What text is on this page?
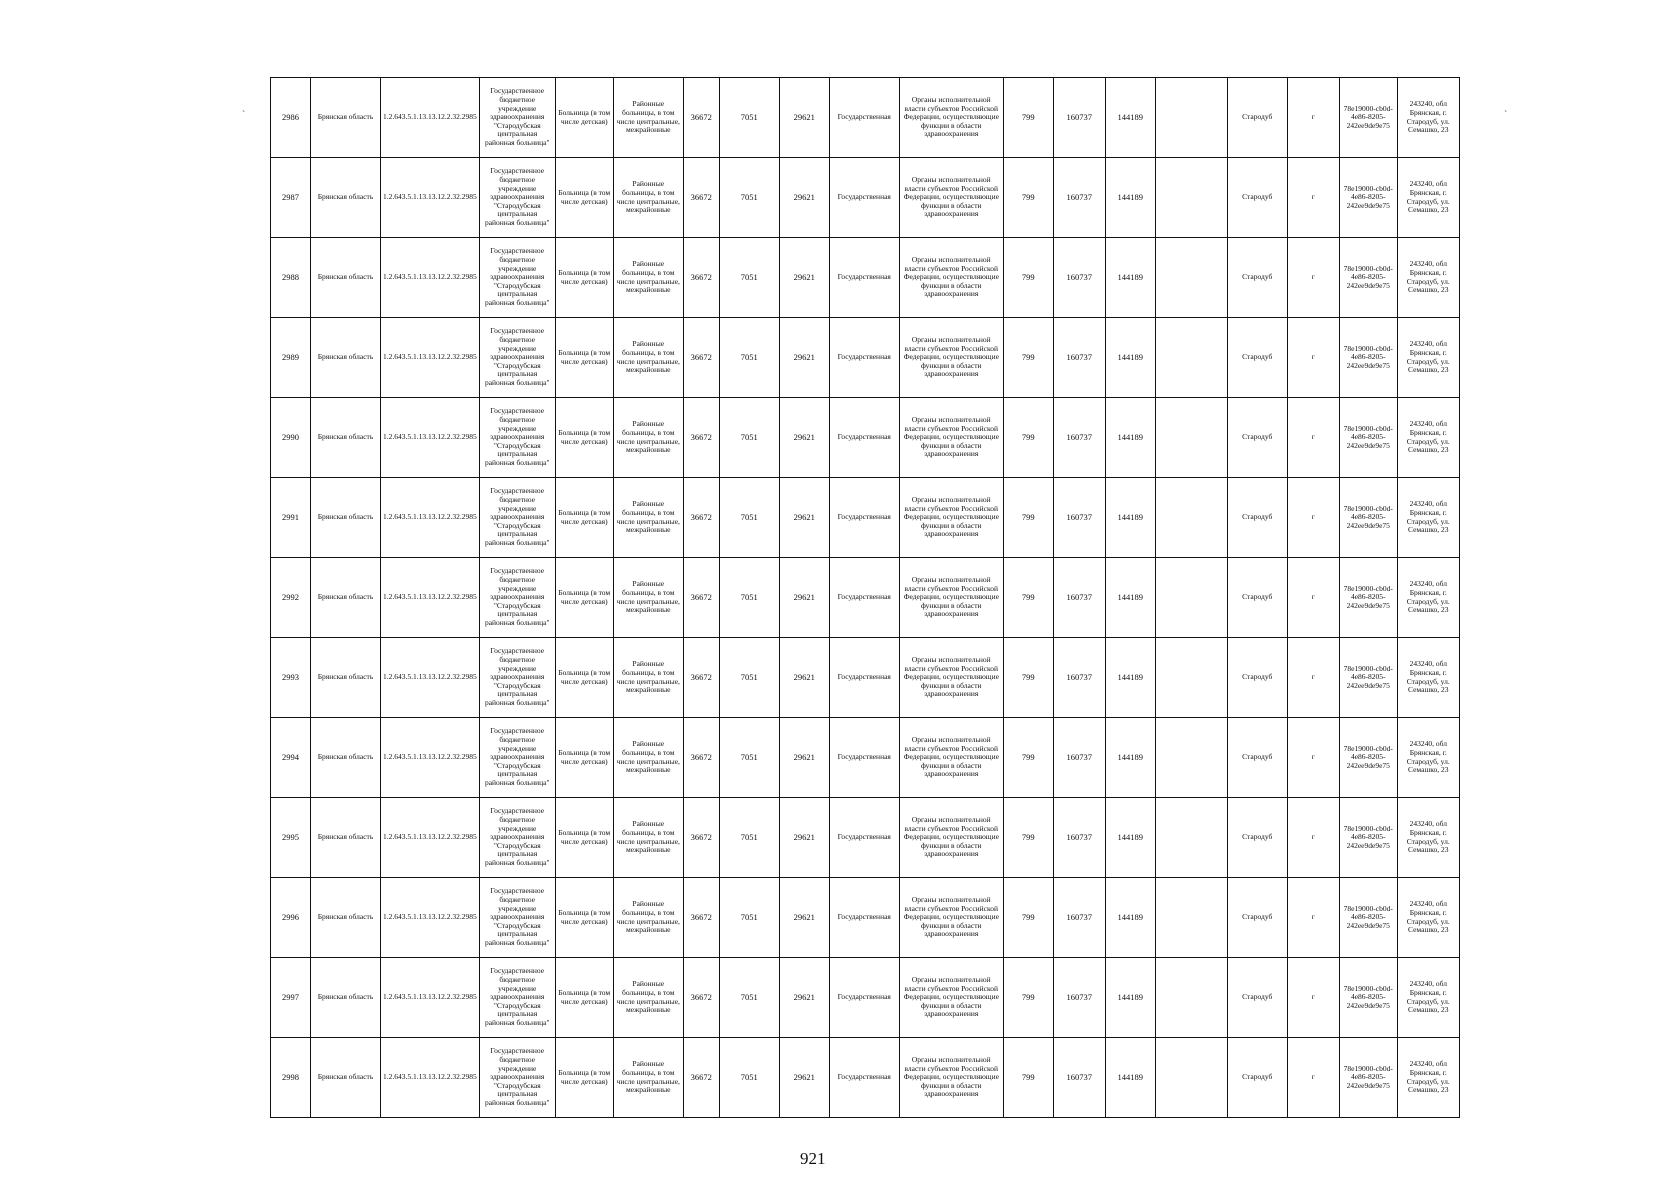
2986	Брянская область	1.2.643.5.1.13.13.12.2.32.2985	Государственное бюджетное учреждение здравоохранения "Стародубская центральная районная больница"	Больница (в том числе детская)	Районные больницы, в том числе центральные, межрайонные	36672	7051	29621	Государственная	Органы исполнительной власти субъектов Российской Федерации, осуществляющие функции в области здравоохранения	799	160737	144189		Стародуб	г	78e19000-cb0d-4e86-8205-242ee9de9e75	243240, обл Брянская, г. Стародуб, ул. Семашко, 23
2987	Брянская область	1.2.643.5.1.13.13.12.2.32.2985	Государственное бюджетное учреждение здравоохранения "Стародубская центральная районная больница"	Больница (в том числе детская)	Районные больницы, в том числе центральные, межрайонные	36672	7051	29621	Государственная	Органы исполнительной власти субъектов Российской Федерации, осуществляющие функции в области здравоохранения	799	160737	144189		Стародуб	г	78e19000-cb0d-4e86-8205-242ee9de9e75	243240, обл Брянская, г. Стародуб, ул. Семашко, 23
2988	Брянская область	1.2.643.5.1.13.13.12.2.32.2985	Государственное бюджетное учреждение здравоохранения "Стародубская центральная районная больница"	Больница (в том числе детская)	Районные больницы, в том числе центральные, межрайонные	36672	7051	29621	Государственная	Органы исполнительной власти субъектов Российской Федерации, осуществляющие функции в области здравоохранения	799	160737	144189		Стародуб	г	78e19000-cb0d-4e86-8205-242ee9de9e75	243240, обл Брянская, г. Стародуб, ул. Семашко, 23
2989	Брянская область	1.2.643.5.1.13.13.12.2.32.2985	Государственное бюджетное учреждение здравоохранения "Стародубская центральная районная больница"	Больница (в том числе детская)	Районные больницы, в том числе центральные, межрайонные	36672	7051	29621	Государственная	Органы исполнительной власти субъектов Российской Федерации, осуществляющие функции в области здравоохранения	799	160737	144189		Стародуб	г	78e19000-cb0d-4e86-8205-242ee9de9e75	243240, обл Брянская, г. Стародуб, ул. Семашко, 23
2990	Брянская область	1.2.643.5.1.13.13.12.2.32.2985	Государственное бюджетное учреждение здравоохранения "Стародубская центральная районная больница"	Больница (в том числе детская)	Районные больницы, в том числе центральные, межрайонные	36672	7051	29621	Государственная	Органы исполнительной власти субъектов Российской Федерации, осуществляющие функции в области здравоохранения	799	160737	144189		Стародуб	г	78e19000-cb0d-4e86-8205-242ee9de9e75	243240, обл Брянская, г. Стародуб, ул. Семашко, 23
2991	Брянская область	1.2.643.5.1.13.13.12.2.32.2985	Государственное бюджетное учреждение здравоохранения "Стародубская центральная районная больница"	Больница (в том числе детская)	Районные больницы, в том числе центральные, межрайонные	36672	7051	29621	Государственная	Органы исполнительной власти субъектов Российской Федерации, осуществляющие функции в области здравоохранения	799	160737	144189		Стародуб	г	78e19000-cb0d-4e86-8205-242ee9de9e75	243240, обл Брянская, г. Стародуб, ул. Семашко, 23
2992	Брянская область	1.2.643.5.1.13.13.12.2.32.2985	Государственное бюджетное учреждение здравоохранения "Стародубская центральная районная больница"	Больница (в том числе детская)	Районные больницы, в том числе центральные, межрайонные	36672	7051	29621	Государственная	Органы исполнительной власти субъектов Российской Федерации, осуществляющие функции в области здравоохранения	799	160737	144189		Стародуб	г	78e19000-cb0d-4e86-8205-242ee9de9e75	243240, обл Брянская, г. Стародуб, ул. Семашко, 23
2993	Брянская область	1.2.643.5.1.13.13.12.2.32.2985	Государственное бюджетное учреждение здравоохранения "Стародубская центральная районная больница"	Больница (в том числе детская)	Районные больницы, в том числе центральные, межрайонные	36672	7051	29621	Государственная	Органы исполнительной власти субъектов Российской Федерации, осуществляющие функции в области здравоохранения	799	160737	144189		Стародуб	г	78e19000-cb0d-4e86-8205-242ee9de9e75	243240, обл Брянская, г. Стародуб, ул. Семашко, 23
2994	Брянская область	1.2.643.5.1.13.13.12.2.32.2985	Государственное бюджетное учреждение здравоохранения "Стародубская центральная районная больница"	Больница (в том числе детская)	Районные больницы, в том числе центральные, межрайонные	36672	7051	29621	Государственная	Органы исполнительной власти субъектов Российской Федерации, осуществляющие функции в области здравоохранения	799	160737	144189		Стародуб	г	78e19000-cb0d-4e86-8205-242ee9de9e75	243240, обл Брянская, г. Стародуб, ул. Семашко, 23
2995	Брянская область	1.2.643.5.1.13.13.12.2.32.2985	Государственное бюджетное учреждение здравоохранения "Стародубская центральная районная больница"	Больница (в том числе детская)	Районные больницы, в том числе центральные, межрайонные	36672	7051	29621	Государственная	Органы исполнительной власти субъектов Российской Федерации, осуществляющие функции в области здравоохранения	799	160737	144189		Стародуб	г	78e19000-cb0d-4e86-8205-242ee9de9e75	243240, обл Брянская, г. Стародуб, ул. Семашко, 23
2996	Брянская область	1.2.643.5.1.13.13.12.2.32.2985	Государственное бюджетное учреждение здравоохранения "Стародубская центральная районная больница"	Больница (в том числе детская)	Районные больницы, в том числе центральные, межрайонные	36672	7051	29621	Государственная	Органы исполнительной власти субъектов Российской Федерации, осуществляющие функции в области здравоохранения	799	160737	144189		Стародуб	г	78e19000-cb0d-4e86-8205-242ee9de9e75	243240, обл Брянская, г. Стародуб, ул. Семашко, 23
2997	Брянская область	1.2.643.5.1.13.13.12.2.32.2985	Государственное бюджетное учреждение здравоохранения "Стародубская центральная районная больница"	Больница (в том числе детская)	Районные больницы, в том числе центральные, межрайонные	36672	7051	29621	Государственная	Органы исполнительной власти субъектов Российской Федерации, осуществляющие функции в области здравоохранения	799	160737	144189		Стародуб	г	78e19000-cb0d-4e86-8205-242ee9de9e75	243240, обл Брянская, г. Стародуб, ул. Семашко, 23
2998	Брянская область	1.2.643.5.1.13.13.12.2.32.2985	Государственное бюджетное учреждение здравоохранения "Стародубская центральная районная больница"	Больница (в том числе детская)	Районные больницы, в том числе центральные, межрайонные	36672	7051	29621	Государственная	Органы исполнительной власти субъектов Российской Федерации, осуществляющие функции в области здравоохранения	799	160737	144189		Стародуб	г	78e19000-cb0d-4e86-8205-242ee9de9e75	243240, обл Брянская, г. Стародуб, ул. Семашко, 23
`	`
921
